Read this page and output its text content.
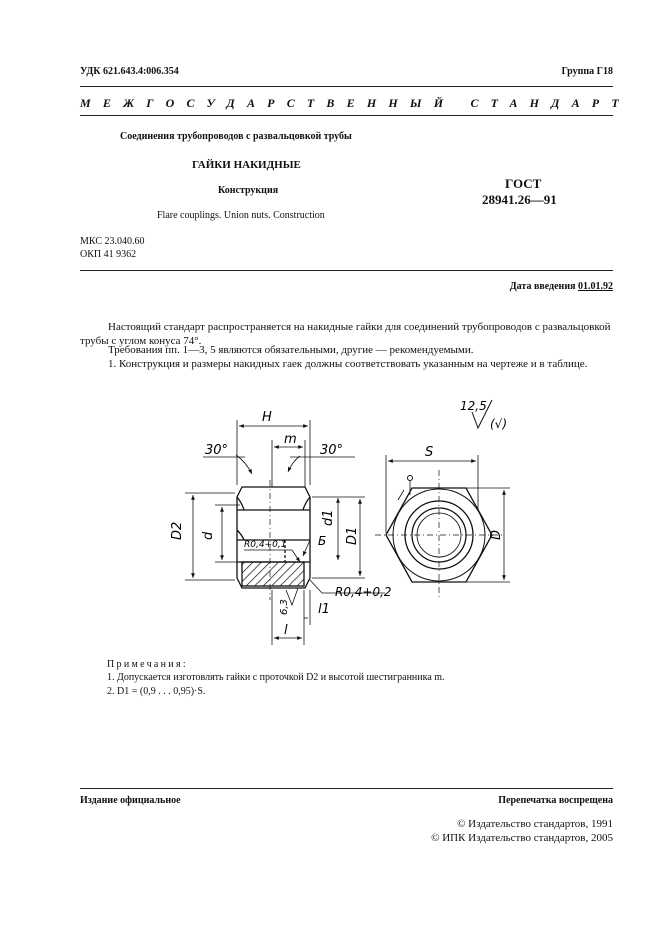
УДК 621.643.4:006.354	Группа Г18
МЕЖГОСУДАРСТВЕННЫЙ СТАНДАРТ
Соединения трубопроводов с развальцовкой трубы
ГАЙКИ НАКИДНЫЕ
Конструкция
Flare couplings. Union nuts. Construction
ГОСТ
28941.26—91
МКС 23.040.60
ОКП 41 9362
Дата введения 01.01.92

Настоящий стандарт распространяется на накидные гайки для соединений трубопроводов с развальцовкой трубы с углом конуса 74°.

Требования пп. 1—3, 5 являются обязательными, другие — рекомендуемыми.

1. Конструкция и размеры накидных гаек должны соответствовать указанным на чертеже и в таблице.

H
m
30°	30°
D2 d
d1
D1
R0,4+0,1	Б
R0,4+0,2
6,3 l1
l
S
D
12,5
(√)
Примечания:
1. Допускается изготовлять гайки с проточкой D2 и высотой шестигранника m.
2. D1 = (0,9 . . . 0,95)·S.
Издание официальное	Перепечатка воспрещена
© Издательство стандартов, 1991
© ИПК Издательство стандартов, 2005
